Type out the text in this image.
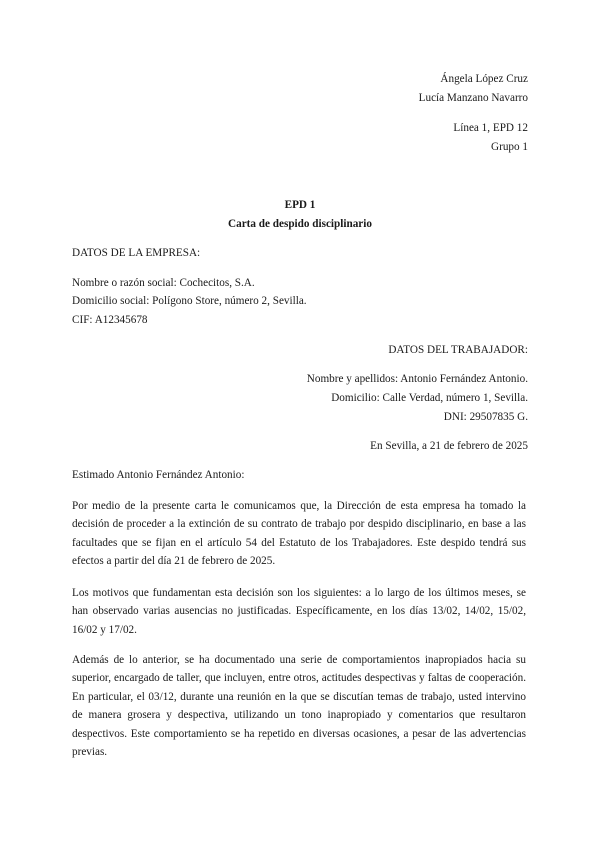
Ángela López Cruz
Lucía Manzano Navarro
Línea 1, EPD 12
Grupo 1
EPD 1
Carta de despido disciplinario
DATOS DE LA EMPRESA:
Nombre o razón social: Cochecitos, S.A.
Domicilio social: Polígono Store, número 2, Sevilla.
CIF: A12345678
DATOS DEL TRABAJADOR:
Nombre y apellidos: Antonio Fernández Antonio.
Domicilio: Calle Verdad, número 1, Sevilla.
DNI: 29507835 G.
En Sevilla, a 21 de febrero de 2025
Estimado Antonio Fernández Antonio:
Por medio de la presente carta le comunicamos que, la Dirección de esta empresa ha tomado la decisión de proceder a la extinción de su contrato de trabajo por despido disciplinario, en base a las facultades que se fijan en el artículo 54 del Estatuto de los Trabajadores. Este despido tendrá sus efectos a partir del día 21 de febrero de 2025.
Los motivos que fundamentan esta decisión son los siguientes: a lo largo de los últimos meses, se han observado varias ausencias no justificadas. Específicamente, en los días 13/02, 14/02, 15/02, 16/02 y 17/02.
Además de lo anterior, se ha documentado una serie de comportamientos inapropiados hacia su superior, encargado de taller, que incluyen, entre otros, actitudes despectivas y faltas de cooperación. En particular, el 03/12, durante una reunión en la que se discutían temas de trabajo, usted intervino de manera grosera y despectiva, utilizando un tono inapropiado y comentarios que resultaron despectivos. Este comportamiento se ha repetido en diversas ocasiones, a pesar de las advertencias previas.
